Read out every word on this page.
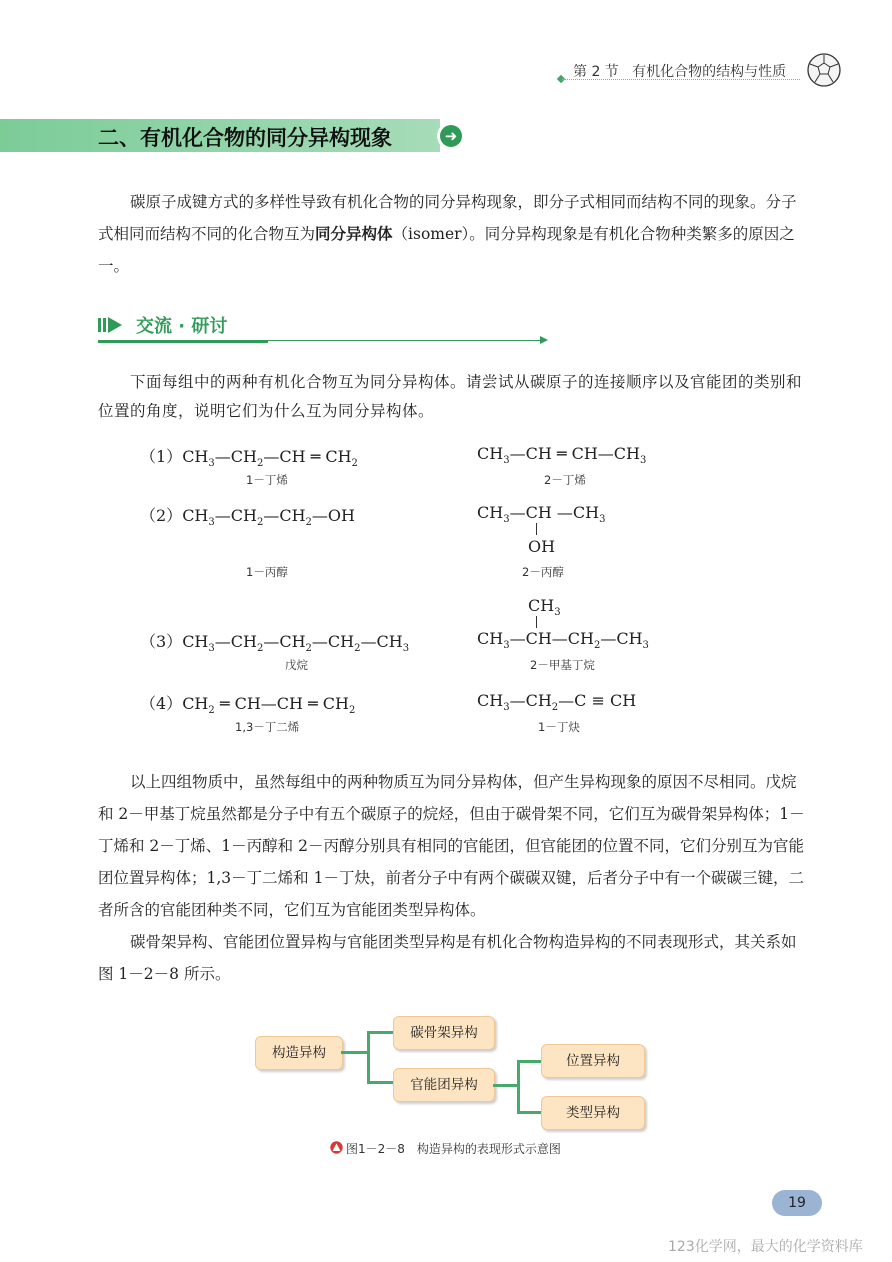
第 2 节 有机化合物的结构与性质
二、有机化合物的同分异构现象	➜

碳原子成键方式的多样性导致有机化合物的同分异构现象，即分子式相同而结构不同的现象。分子式相同而结构不同的化合物互为同分异构体（isomer）。同分异构现象是有机化合物种类繁多的原因之一。

交流 · 研讨
下面每组中的两种有机化合物互为同分异构体。请尝试从碳原子的连接顺序以及官能团的类别和位置的角度，说明它们为什么互为同分异构体。
$(1)CH_3—CH_2—CH$ ═ $CH_2$
1－丁烯
$CH_3—CH$ ═ $CH—CH_3$
2－丁烯
$(2)CH_3—CH_2—CH_2—OH$
1－丙醇
$CH_3—CH$ $—CH_3$
OH
2－丙醇
$CH_3$
$(3)CH_3—CH_2—CH_2—CH_2—CH_3$
戊烷
$CH_3—CH—CH_2—CH_3$
2－甲基丁烷
$(4)CH_2$ ═ CH—CH ═ $CH_2$
1,3－丁二烯
$CH_3—CH_2—C$ ≡ CH
1－丁炔

以上四组物质中，虽然每组中的两种物质互为同分异构体，但产生异构现象的原因不尽相同。戊烷和 2－甲基丁烷虽然都是分子中有五个碳原子的烷烃，但由于碳骨架不同，它们互为碳骨架异构体；1－丁烯和 2－丁烯、1－丙醇和 2－丙醇分别具有相同的官能团，但官能团的位置不同，它们分别互为官能团位置异构体；1,3－丁二烯和 1－丁炔，前者分子中有两个碳碳双键，后者分子中有一个碳碳三键，二者所含的官能团种类不同，它们互为官能团类型异构体。

碳骨架异构、官能团位置异构与官能团类型异构是有机化合物构造异构的不同表现形式，其关系如图 1－2－8 所示。

构造异构
碳骨架异构
官能团异构
位置异构
类型异构
图1－2－8　构造异构的表现形式示意图
19
123化学网，最大的化学资料库
